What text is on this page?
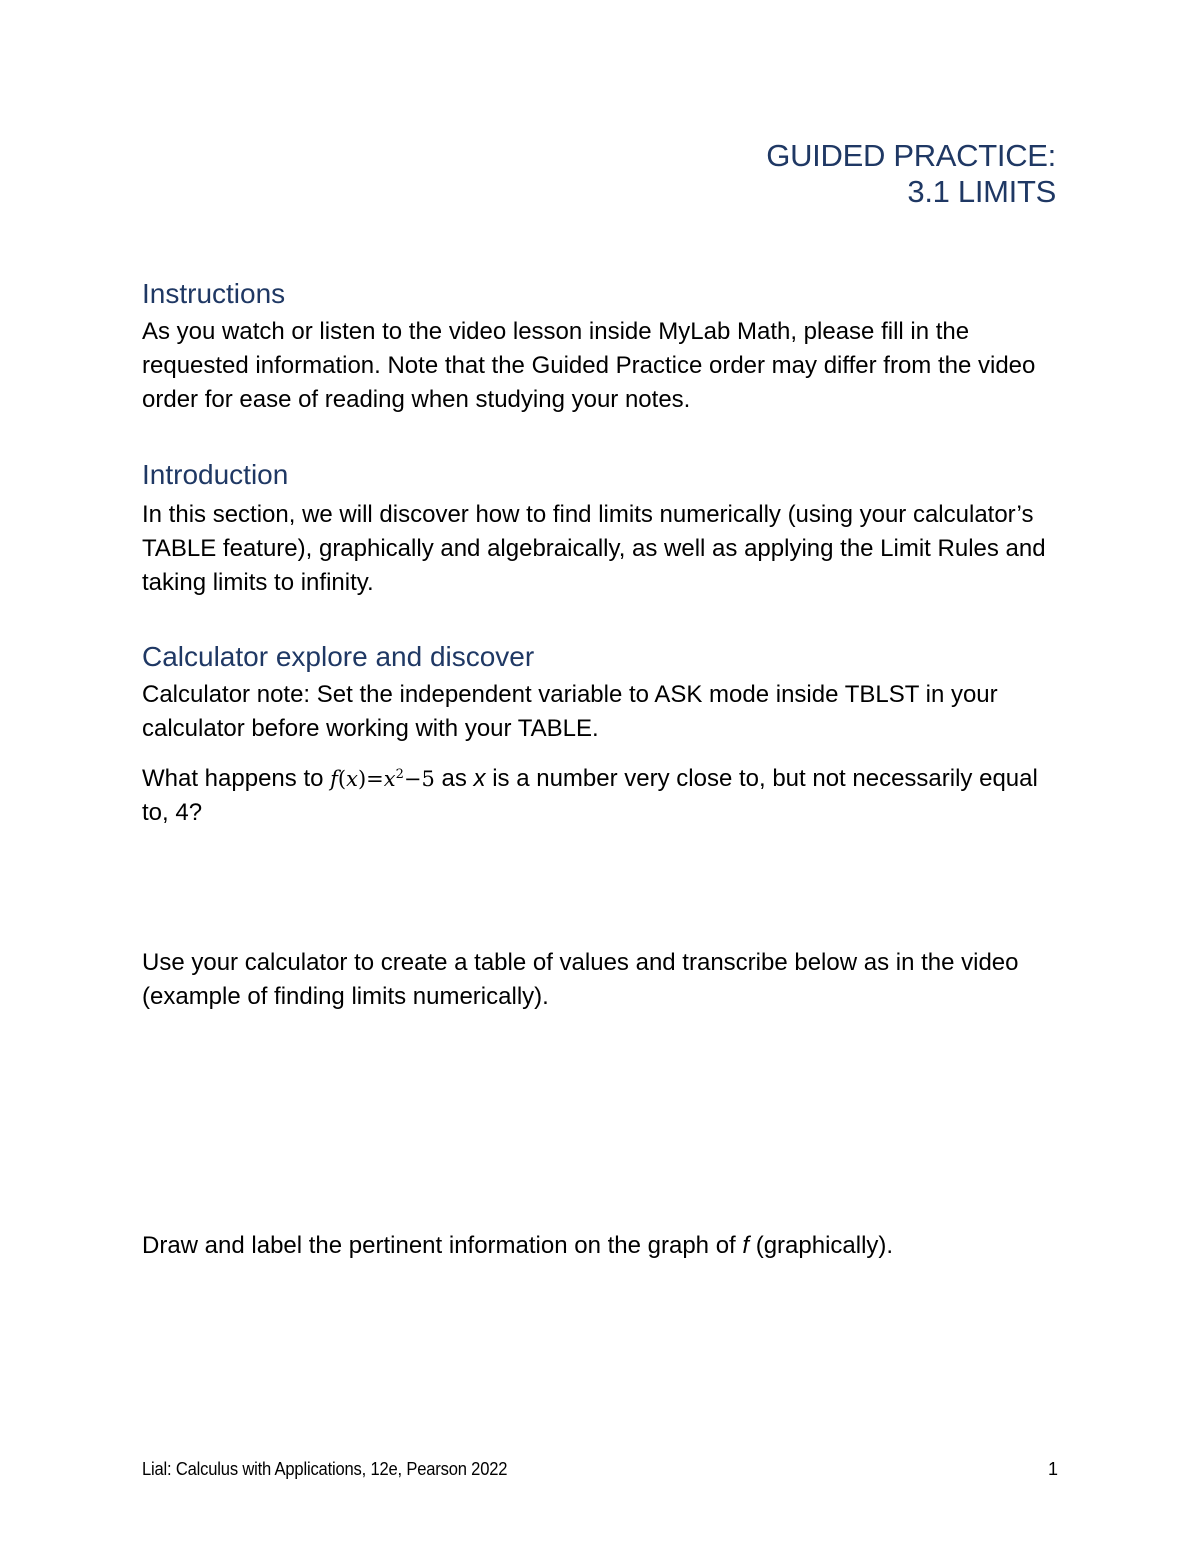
GUIDED PRACTICE:
3.1 LIMITS
Instructions
As you watch or listen to the video lesson inside MyLab Math, please fill in the requested information. Note that the Guided Practice order may differ from the video order for ease of reading when studying your notes.
Introduction
In this section, we will discover how to find limits numerically (using your calculator’s TABLE feature), graphically and algebraically, as well as applying the Limit Rules and taking limits to infinity.
Calculator explore and discover
Calculator note: Set the independent variable to ASK mode inside TBLST in your calculator before working with your TABLE.
What happens to $f(x)=x^2-5$ as x is a number very close to, but not necessarily equal to, 4?
Use your calculator to create a table of values and transcribe below as in the video (example of finding limits numerically).
Draw and label the pertinent information on the graph of f (graphically).
Lial: Calculus with Applications, 12e, Pearson 2022	1
